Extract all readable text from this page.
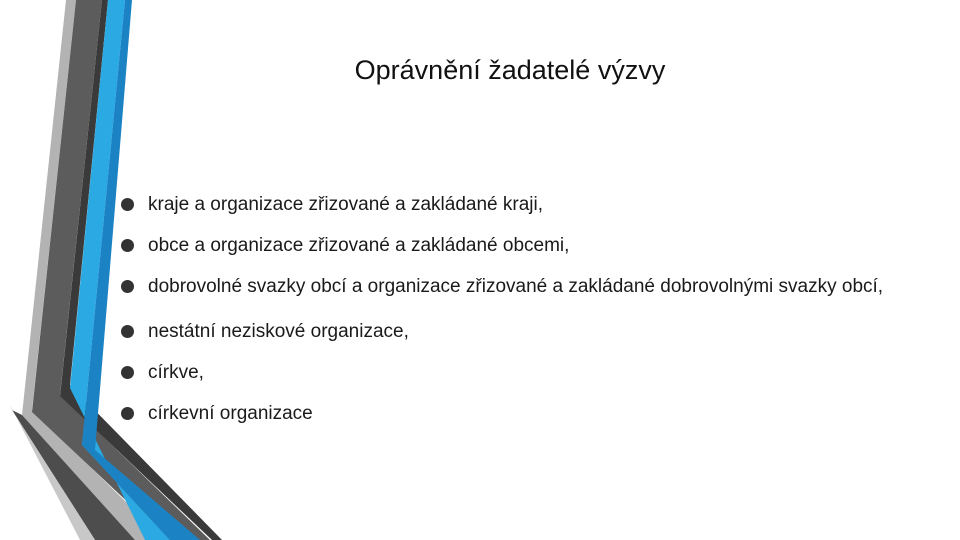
Oprávnění žadatelé výzvy
kraje a organizace zřizované a zakládané kraji,
obce a organizace zřizované a zakládané obcemi,
dobrovolné svazky obcí a organizace zřizované a zakládané dobrovolnými svazky obcí,
nestátní neziskové organizace,
církve,
církevní organizace
